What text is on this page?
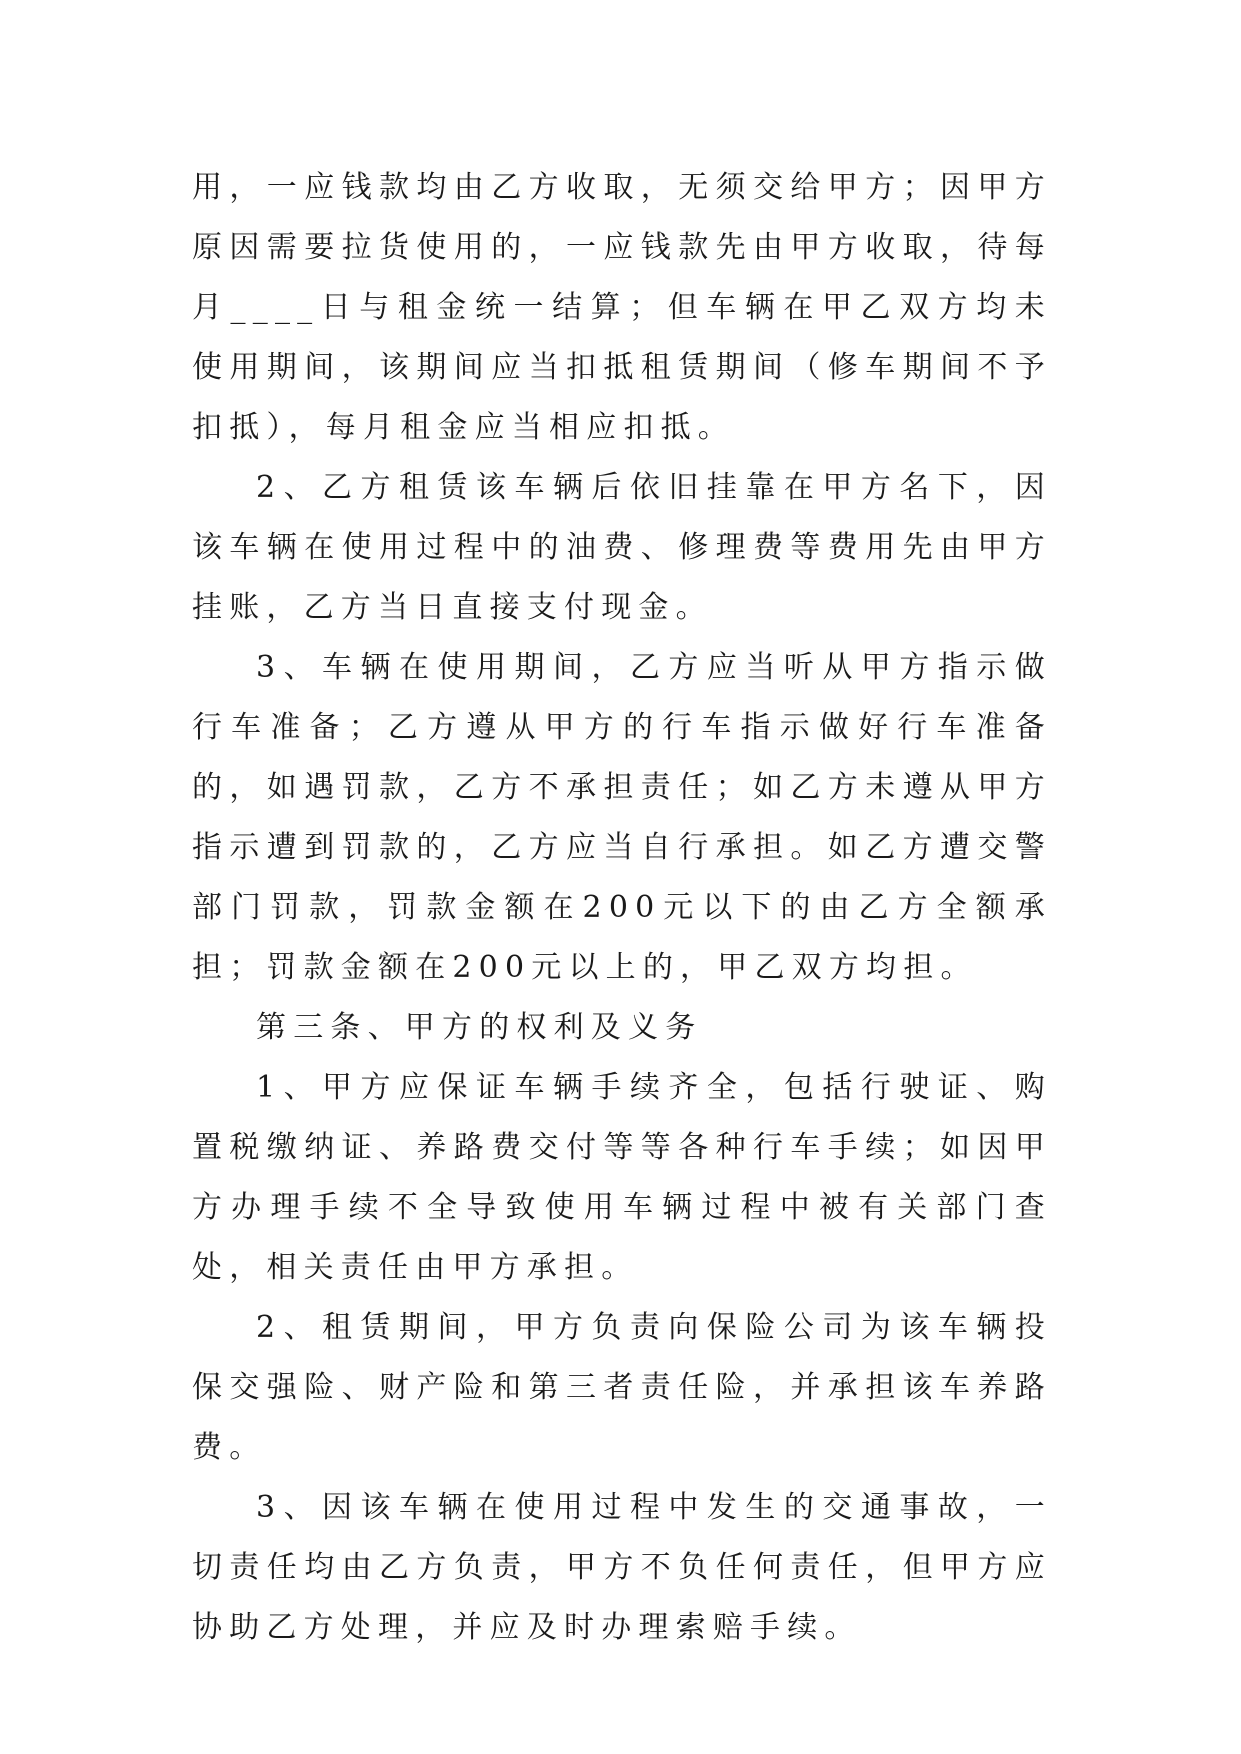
用，一应钱款均由乙方收取，无须交给甲方；因甲方原因需要拉货使用的，一应钱款先由甲方收取，待每月____日与租金统一结算；但车辆在甲乙双方均未使用期间，该期间应当扣抵租赁期间（修车期间不予扣抵），每月租金应当相应扣抵。

2、乙方租赁该车辆后依旧挂靠在甲方名下，因该车辆在使用过程中的油费、修理费等费用先由甲方挂账，乙方当日直接支付现金。

3、车辆在使用期间，乙方应当听从甲方指示做行车准备；乙方遵从甲方的行车指示做好行车准备的，如遇罚款，乙方不承担责任；如乙方未遵从甲方指示遭到罚款的，乙方应当自行承担。如乙方遭交警部门罚款，罚款金额在200元以下的由乙方全额承担；罚款金额在200元以上的，甲乙双方均担。

第三条、甲方的权利及义务

1、甲方应保证车辆手续齐全，包括行驶证、购置税缴纳证、养路费交付等等各种行车手续；如因甲方办理手续不全导致使用车辆过程中被有关部门查处，相关责任由甲方承担。

2、租赁期间，甲方负责向保险公司为该车辆投保交强险、财产险和第三者责任险，并承担该车养路费。

3、因该车辆在使用过程中发生的交通事故，一切责任均由乙方负责，甲方不负任何责任，但甲方应协助乙方处理，并应及时办理索赔手续。
